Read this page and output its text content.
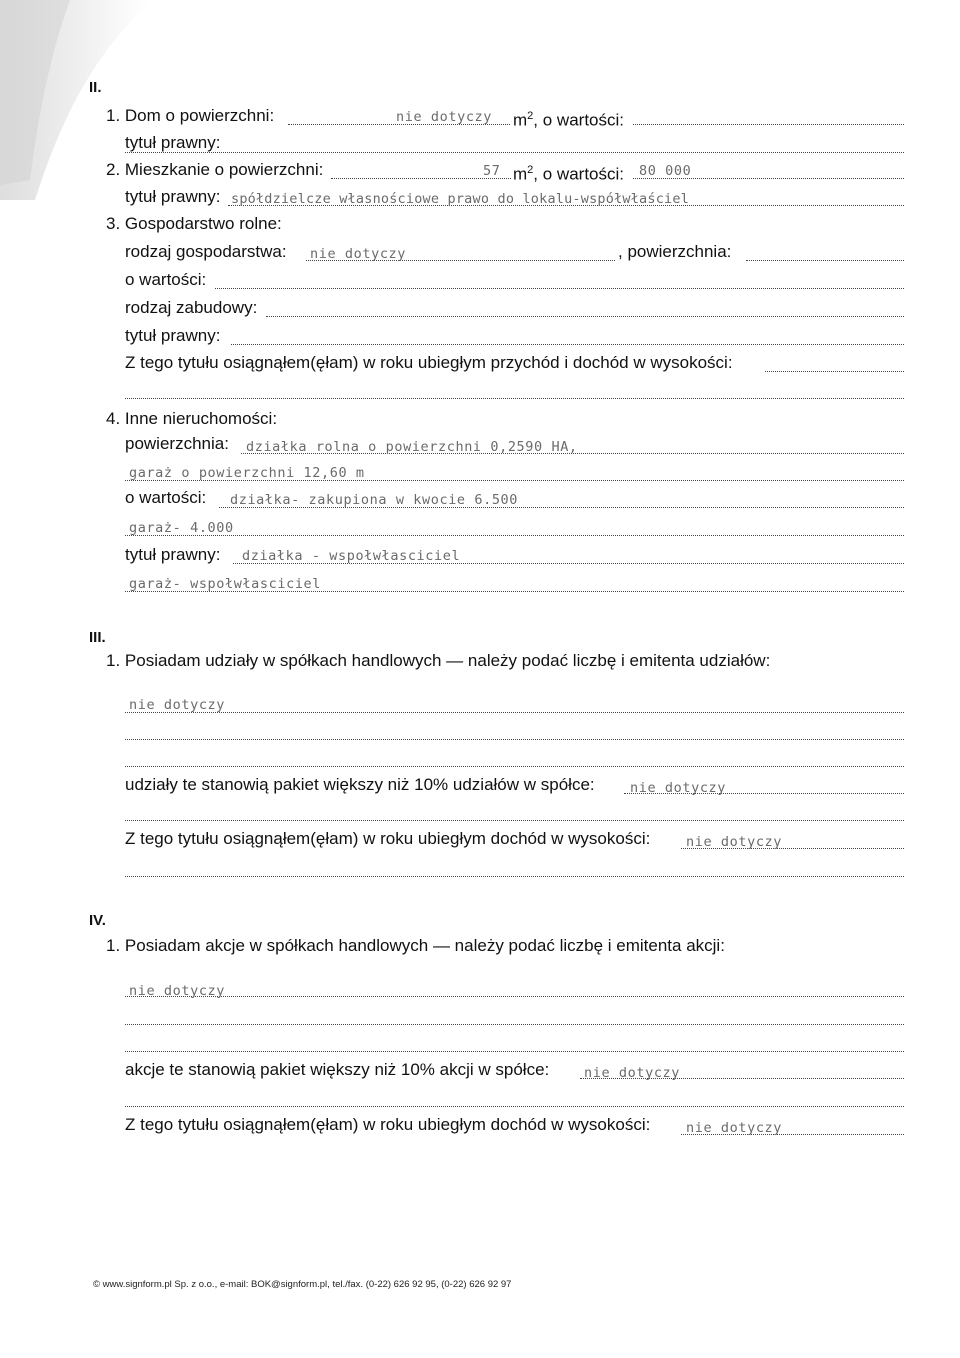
II.
1. Dom o powierzchni:	nie dotyczy $m^2$, o wartości:
tytuł prawny:
2. Mieszkanie o powierzchni:	57 $m^2$, o wartości: 80 000
tytuł prawny: spółdzielcze własnościowe prawo do lokalu-współwłaściel
3. Gospodarstwo rolne:
rodzaj gospodarstwa: nie dotyczy	, powierzchnia:
o wartości:
rodzaj zabudowy:
tytuł prawny:
Z tego tytułu osiągnąłem(ęłam) w roku ubiegłym przychód i dochód w wysokości:
4. Inne nieruchomości:
powierzchnia: działka rolna o powierzchni 0,2590 HA,
garaż o powierzchni 12,60 m
o wartości: działka- zakupiona w kwocie 6.500
garaż- 4.000
tytuł prawny: działka - wspołwłasciciel
garaż- wspołwłasciciel
III.
1. Posiadam udziały w spółkach handlowych — należy podać liczbę i emitenta udziałów:
nie dotyczy
udziały te stanowią pakiet większy niż 10% udziałów w spółce:	nie dotyczy
Z tego tytułu osiągnąłem(ęłam) w roku ubiegłym dochód w wysokości:	nie dotyczy
IV.
1. Posiadam akcje w spółkach handlowych — należy podać liczbę i emitenta akcji:
nie dotyczy
akcje te stanowią pakiet większy niż 10% akcji w spółce:	nie dotyczy
Z tego tytułu osiągnąłem(ęłam) w roku ubiegłym dochód w wysokości:	nie dotyczy
© www.signform.pl Sp. z o.o., e-mail: BOK@signform.pl, tel./fax. (0-22) 626 92 95, (0-22) 626 92 97
